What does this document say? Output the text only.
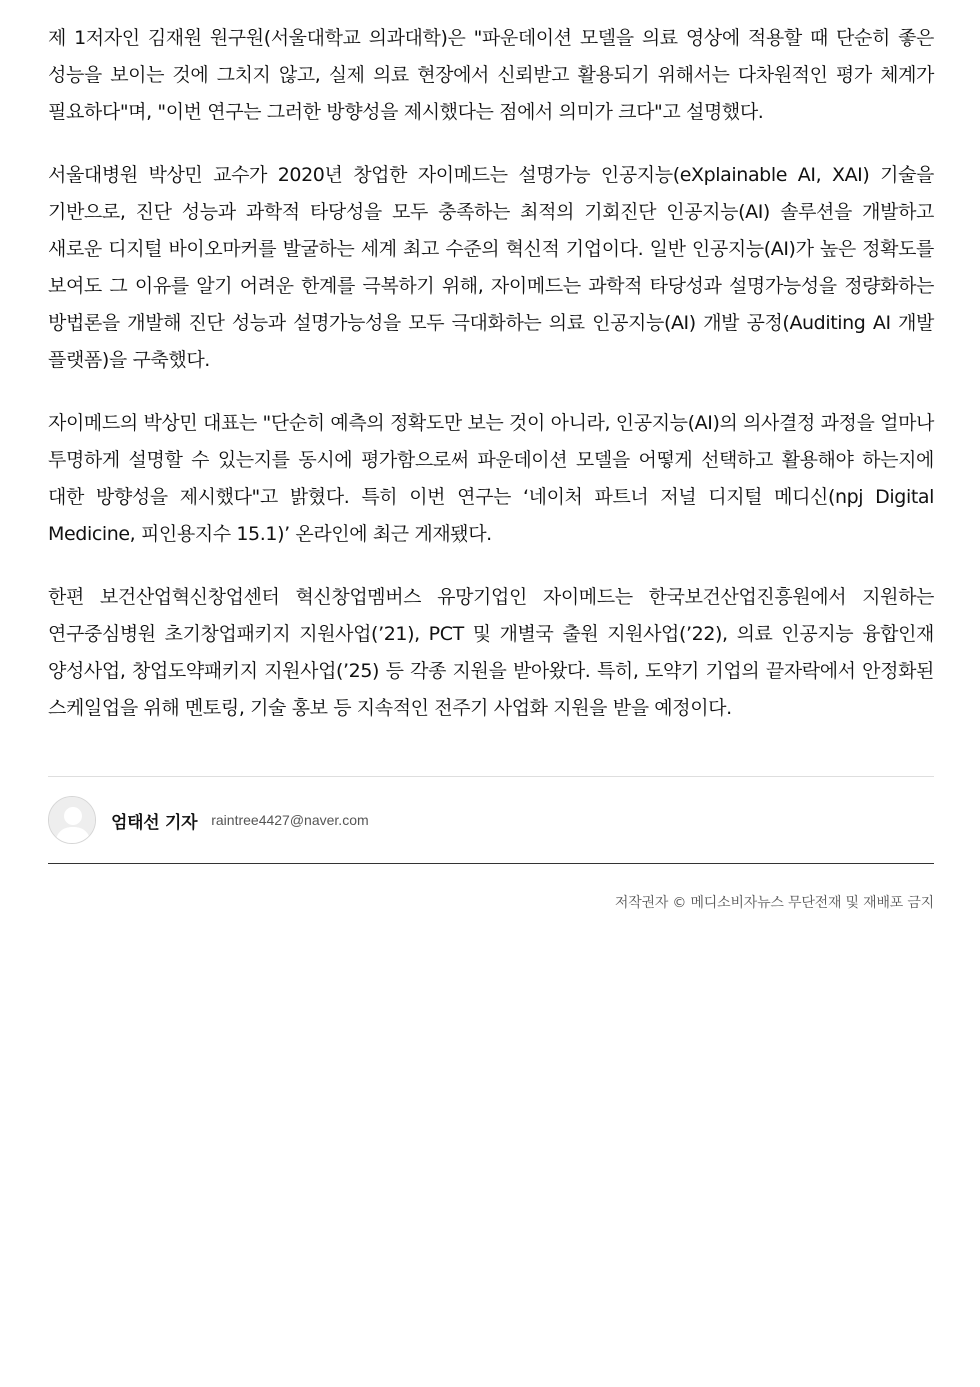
제 1저자인 김재원 원구원(서울대학교 의과대학)은 "파운데이션 모델을 의료 영상에 적용할 때 단순히 좋은 성능을 보이는 것에 그치지 않고, 실제 의료 현장에서 신뢰받고 활용되기 위해서는 다차원적인 평가 체계가 필요하다"며, "이번 연구는 그러한 방향성을 제시했다는 점에서 의미가 크다"고 설명했다.

서울대병원 박상민 교수가 2020년 창업한 자이메드는 설명가능 인공지능(eXplainable AI, XAI) 기술을 기반으로, 진단 성능과 과학적 타당성을 모두 충족하는 최적의 기회진단 인공지능(AI) 솔루션을 개발하고 새로운 디지털 바이오마커를 발굴하는 세계 최고 수준의 혁신적 기업이다. 일반 인공지능(AI)가 높은 정확도를 보여도 그 이유를 알기 어려운 한계를 극복하기 위해, 자이메드는 과학적 타당성과 설명가능성을 정량화하는 방법론을 개발해 진단 성능과 설명가능성을 모두 극대화하는 의료 인공지능(AI) 개발 공정(Auditing AI 개발 플랫폼)을 구축했다.

자이메드의 박상민 대표는 "단순히 예측의 정확도만 보는 것이 아니라, 인공지능(AI)의 의사결정 과정을 얼마나 투명하게 설명할 수 있는지를 동시에 평가함으로써 파운데이션 모델을 어떻게 선택하고 활용해야 하는지에 대한 방향성을 제시했다"고 밝혔다. 특히 이번 연구는 ‘네이처 파트너 저널 디지털 메디신(npj Digital Medicine, 피인용지수 15.1)’ 온라인에 최근 게재됐다.

한편 보건산업혁신창업센터 혁신창업멤버스 유망기업인 자이메드는 한국보건산업진흥원에서 지원하는 연구중심병원 초기창업패키지 지원사업(’21), PCT 및 개별국 출원 지원사업(’22), 의료 인공지능 융합인재 양성사업, 창업도약패키지 지원사업(’25) 등 각종 지원을 받아왔다. 특히, 도약기 기업의 끝자락에서 안정화된 스케일업을 위해 멘토링, 기술 홍보 등 지속적인 전주기 사업화 지원을 받을 예정이다.

엄태선 기자 raintree4427@naver.com
저작권자 © 메디소비자뉴스 무단전재 및 재배포 금지
